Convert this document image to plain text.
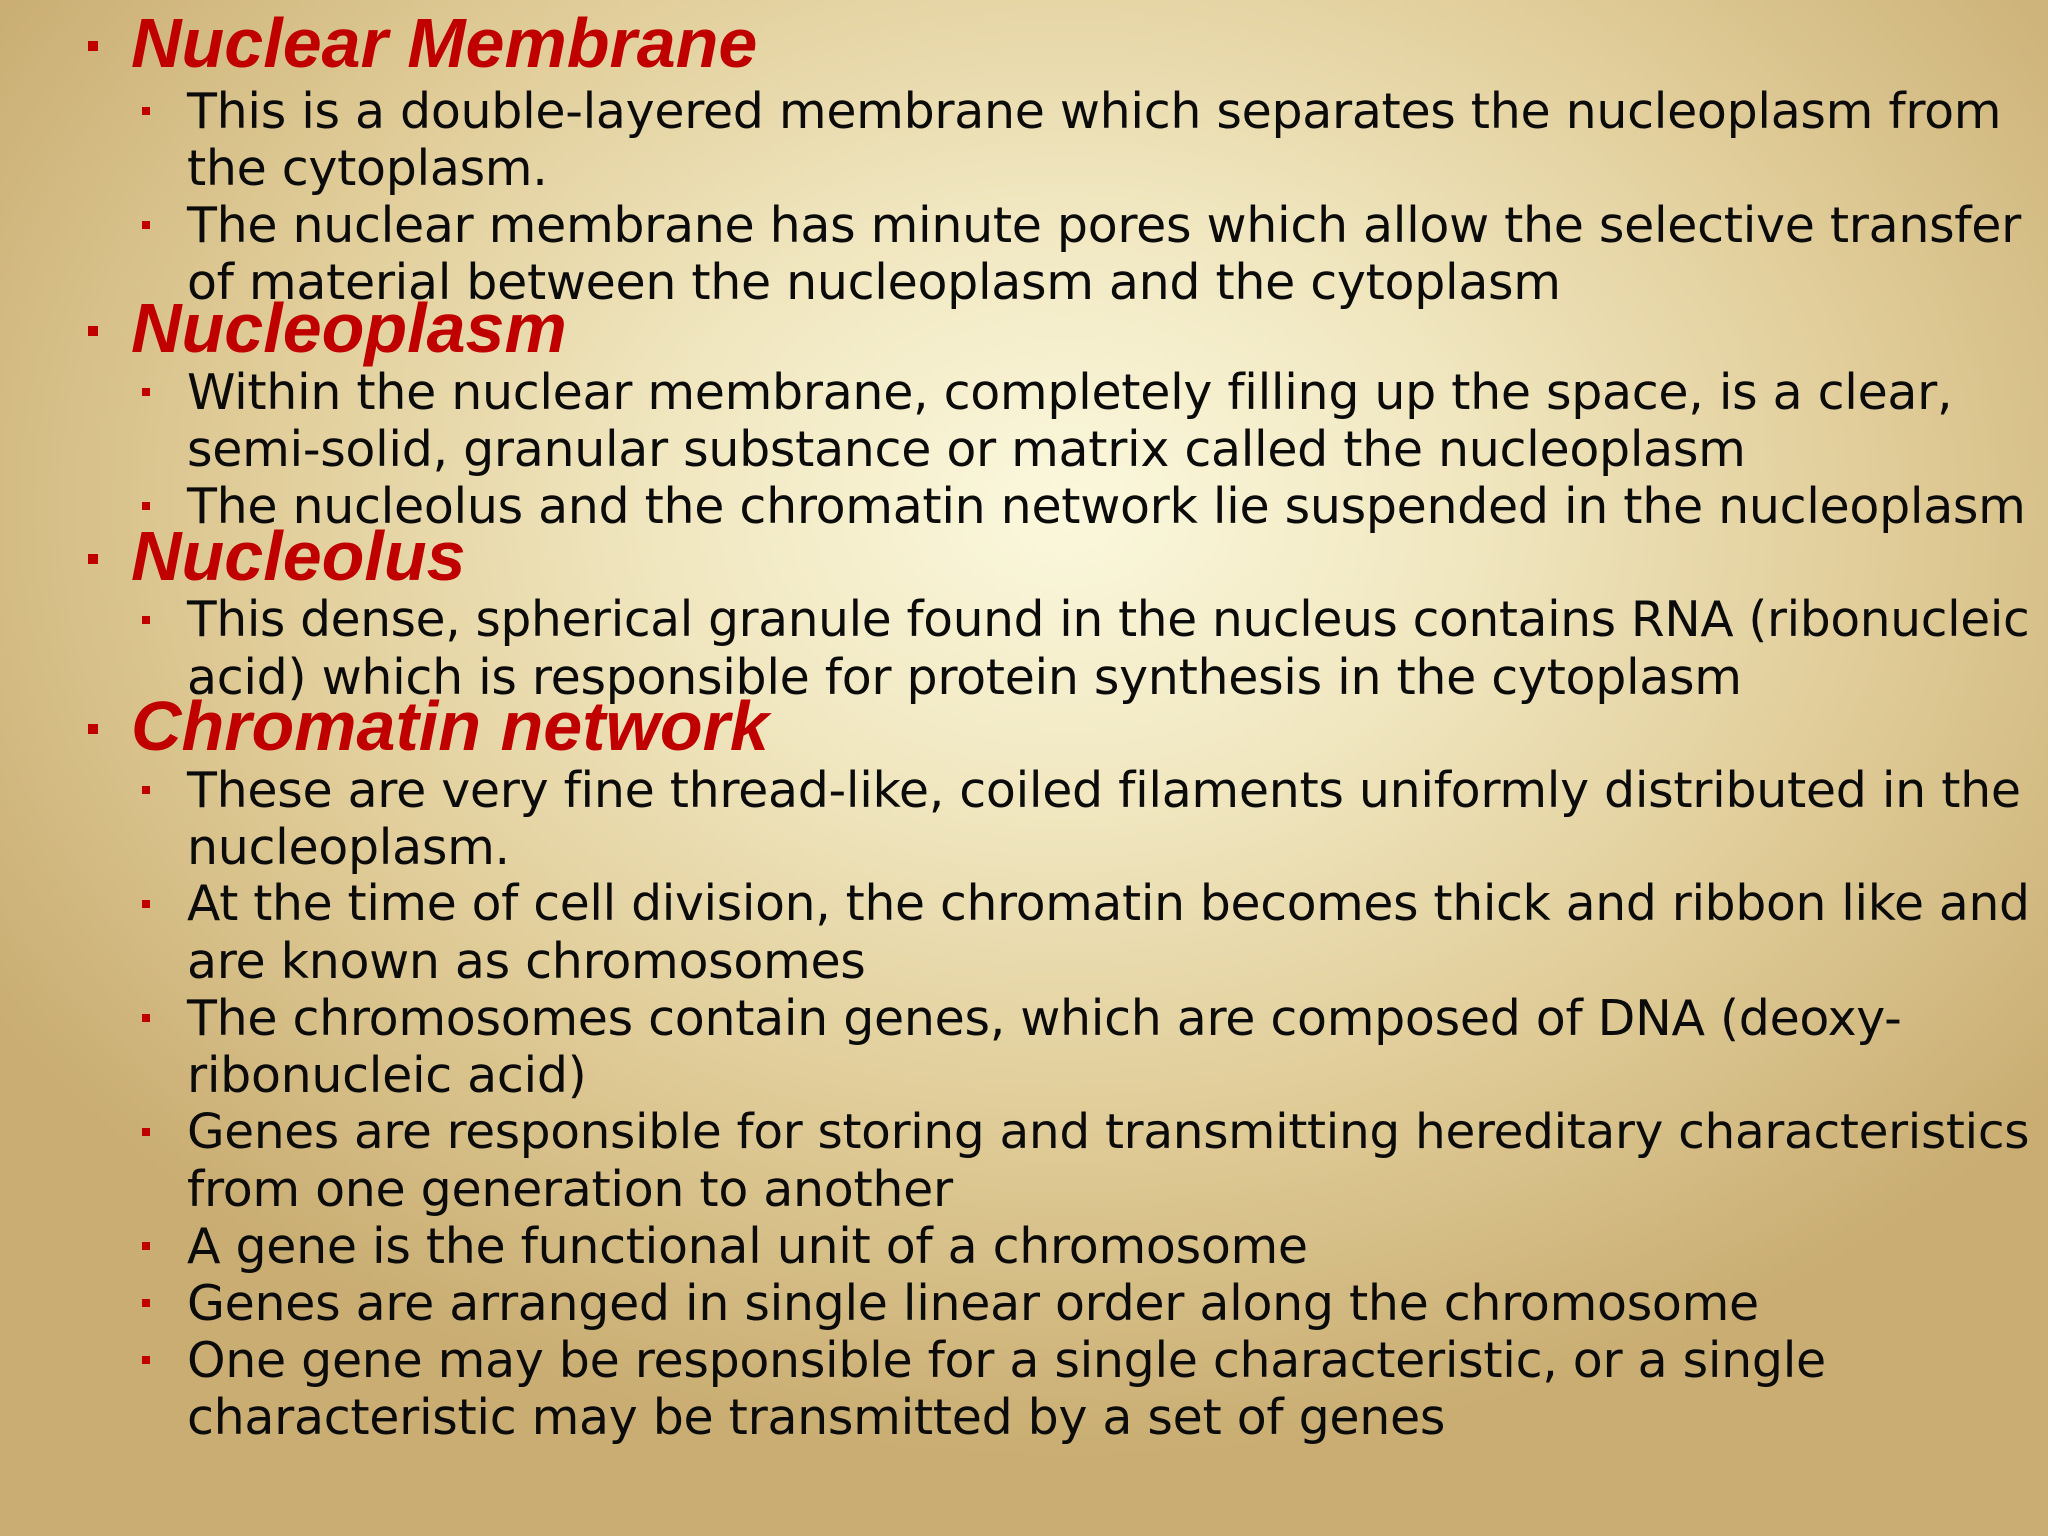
Nuclear Membrane
This is a double-layered membrane which separates the nucleoplasm from
the cytoplasm.
The nuclear membrane has minute pores which allow the selective transfer
of material between the nucleoplasm and the cytoplasm
Nucleoplasm
Within the nuclear membrane, completely filling up the space, is a clear,
semi-solid, granular substance or matrix called the nucleoplasm
The nucleolus and the chromatin network lie suspended in the nucleoplasm
Nucleolus
This dense, spherical granule found in the nucleus contains RNA (ribonucleic
acid) which is responsible for protein synthesis in the cytoplasm
Chromatin network
These are very fine thread-like, coiled filaments uniformly distributed in the
nucleoplasm.
At the time of cell division, the chromatin becomes thick and ribbon like and
are known as chromosomes
The chromosomes contain genes, which are composed of DNA (deoxy-
ribonucleic acid)
Genes are responsible for storing and transmitting hereditary characteristics
from one generation to another
A gene is the functional unit of a chromosome
Genes are arranged in single linear order along the chromosome
One gene may be responsible for a single characteristic, or a single
characteristic may be transmitted by a set of genes
